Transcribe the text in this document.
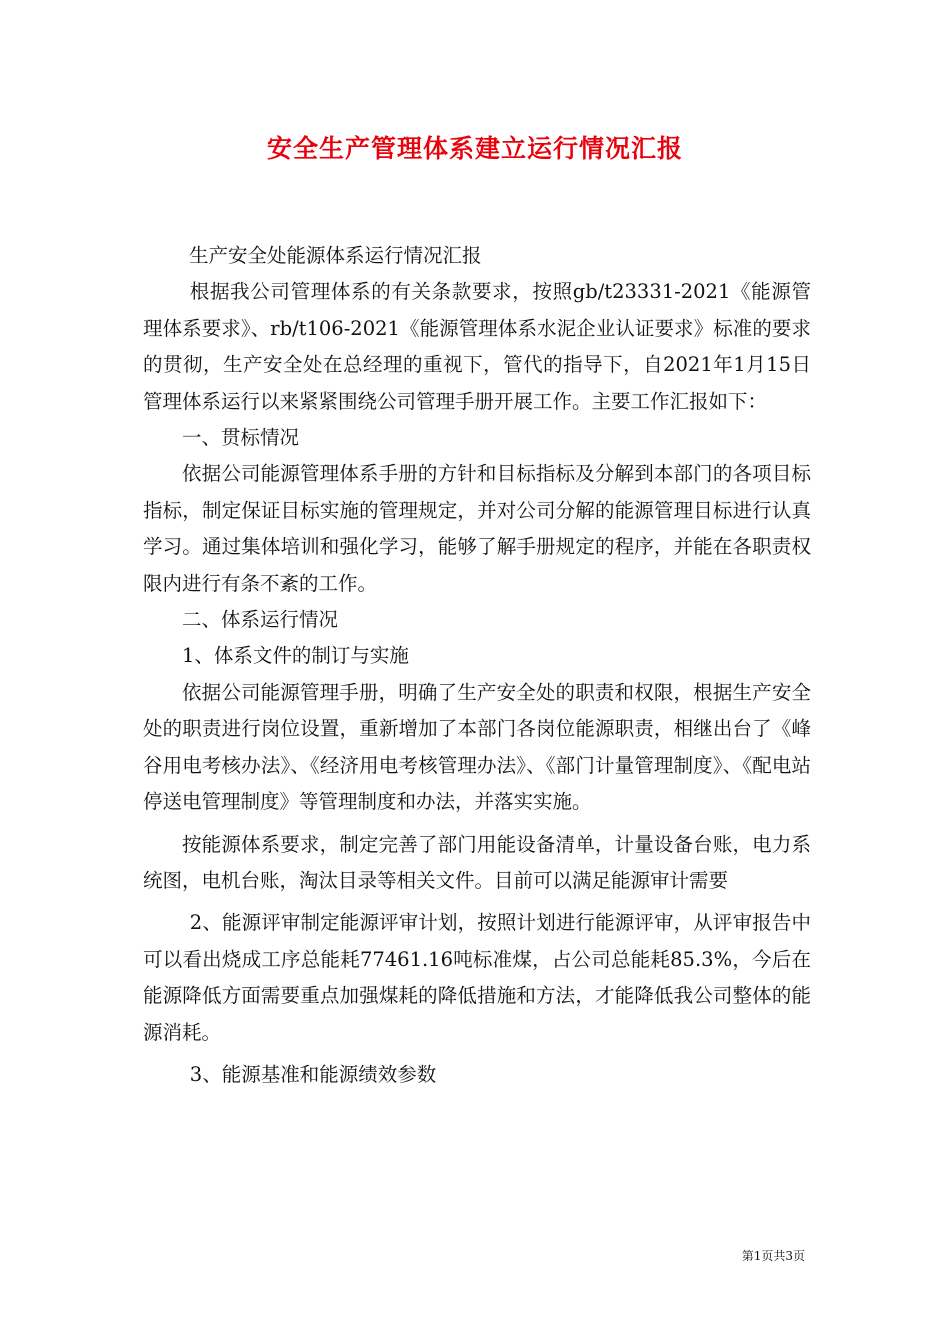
安全生产管理体系建立运行情况汇报

生产安全处能源体系运行情况汇报

根据我公司管理体系的有关条款要求，按照gb/t23331-2021《能源管理体系要求》、rb/t106-2021《能源管理体系水泥企业认证要求》标准的要求的贯彻，生产安全处在总经理的重视下，管代的指导下，自2021年1月15日管理体系运行以来紧紧围绕公司管理手册开展工作。主要工作汇报如下：

一、贯标情况

依据公司能源管理体系手册的方针和目标指标及分解到本部门的各项目标指标，制定保证目标实施的管理规定，并对公司分解的能源管理目标进行认真学习。通过集体培训和强化学习，能够了解手册规定的程序，并能在各职责权限内进行有条不紊的工作。

二、体系运行情况

1、体系文件的制订与实施

依据公司能源管理手册，明确了生产安全处的职责和权限，根据生产安全处的职责进行岗位设置，重新增加了本部门各岗位能源职责，相继出台了《峰谷用电考核办法》、《经济用电考核管理办法》、《部门计量管理制度》、《配电站停送电管理制度》等管理制度和办法，并落实实施。

按能源体系要求，制定完善了部门用能设备清单，计量设备台账，电力系统图，电机台账，淘汰目录等相关文件。目前可以满足能源审计需要

2、能源评审制定能源评审计划，按照计划进行能源评审，从评审报告中可以看出烧成工序总能耗77461.16吨标准煤，占公司总能耗85.3%，今后在能源降低方面需要重点加强煤耗的降低措施和方法，才能降低我公司整体的能源消耗。

3、能源基准和能源绩效参数

第1页共3页
